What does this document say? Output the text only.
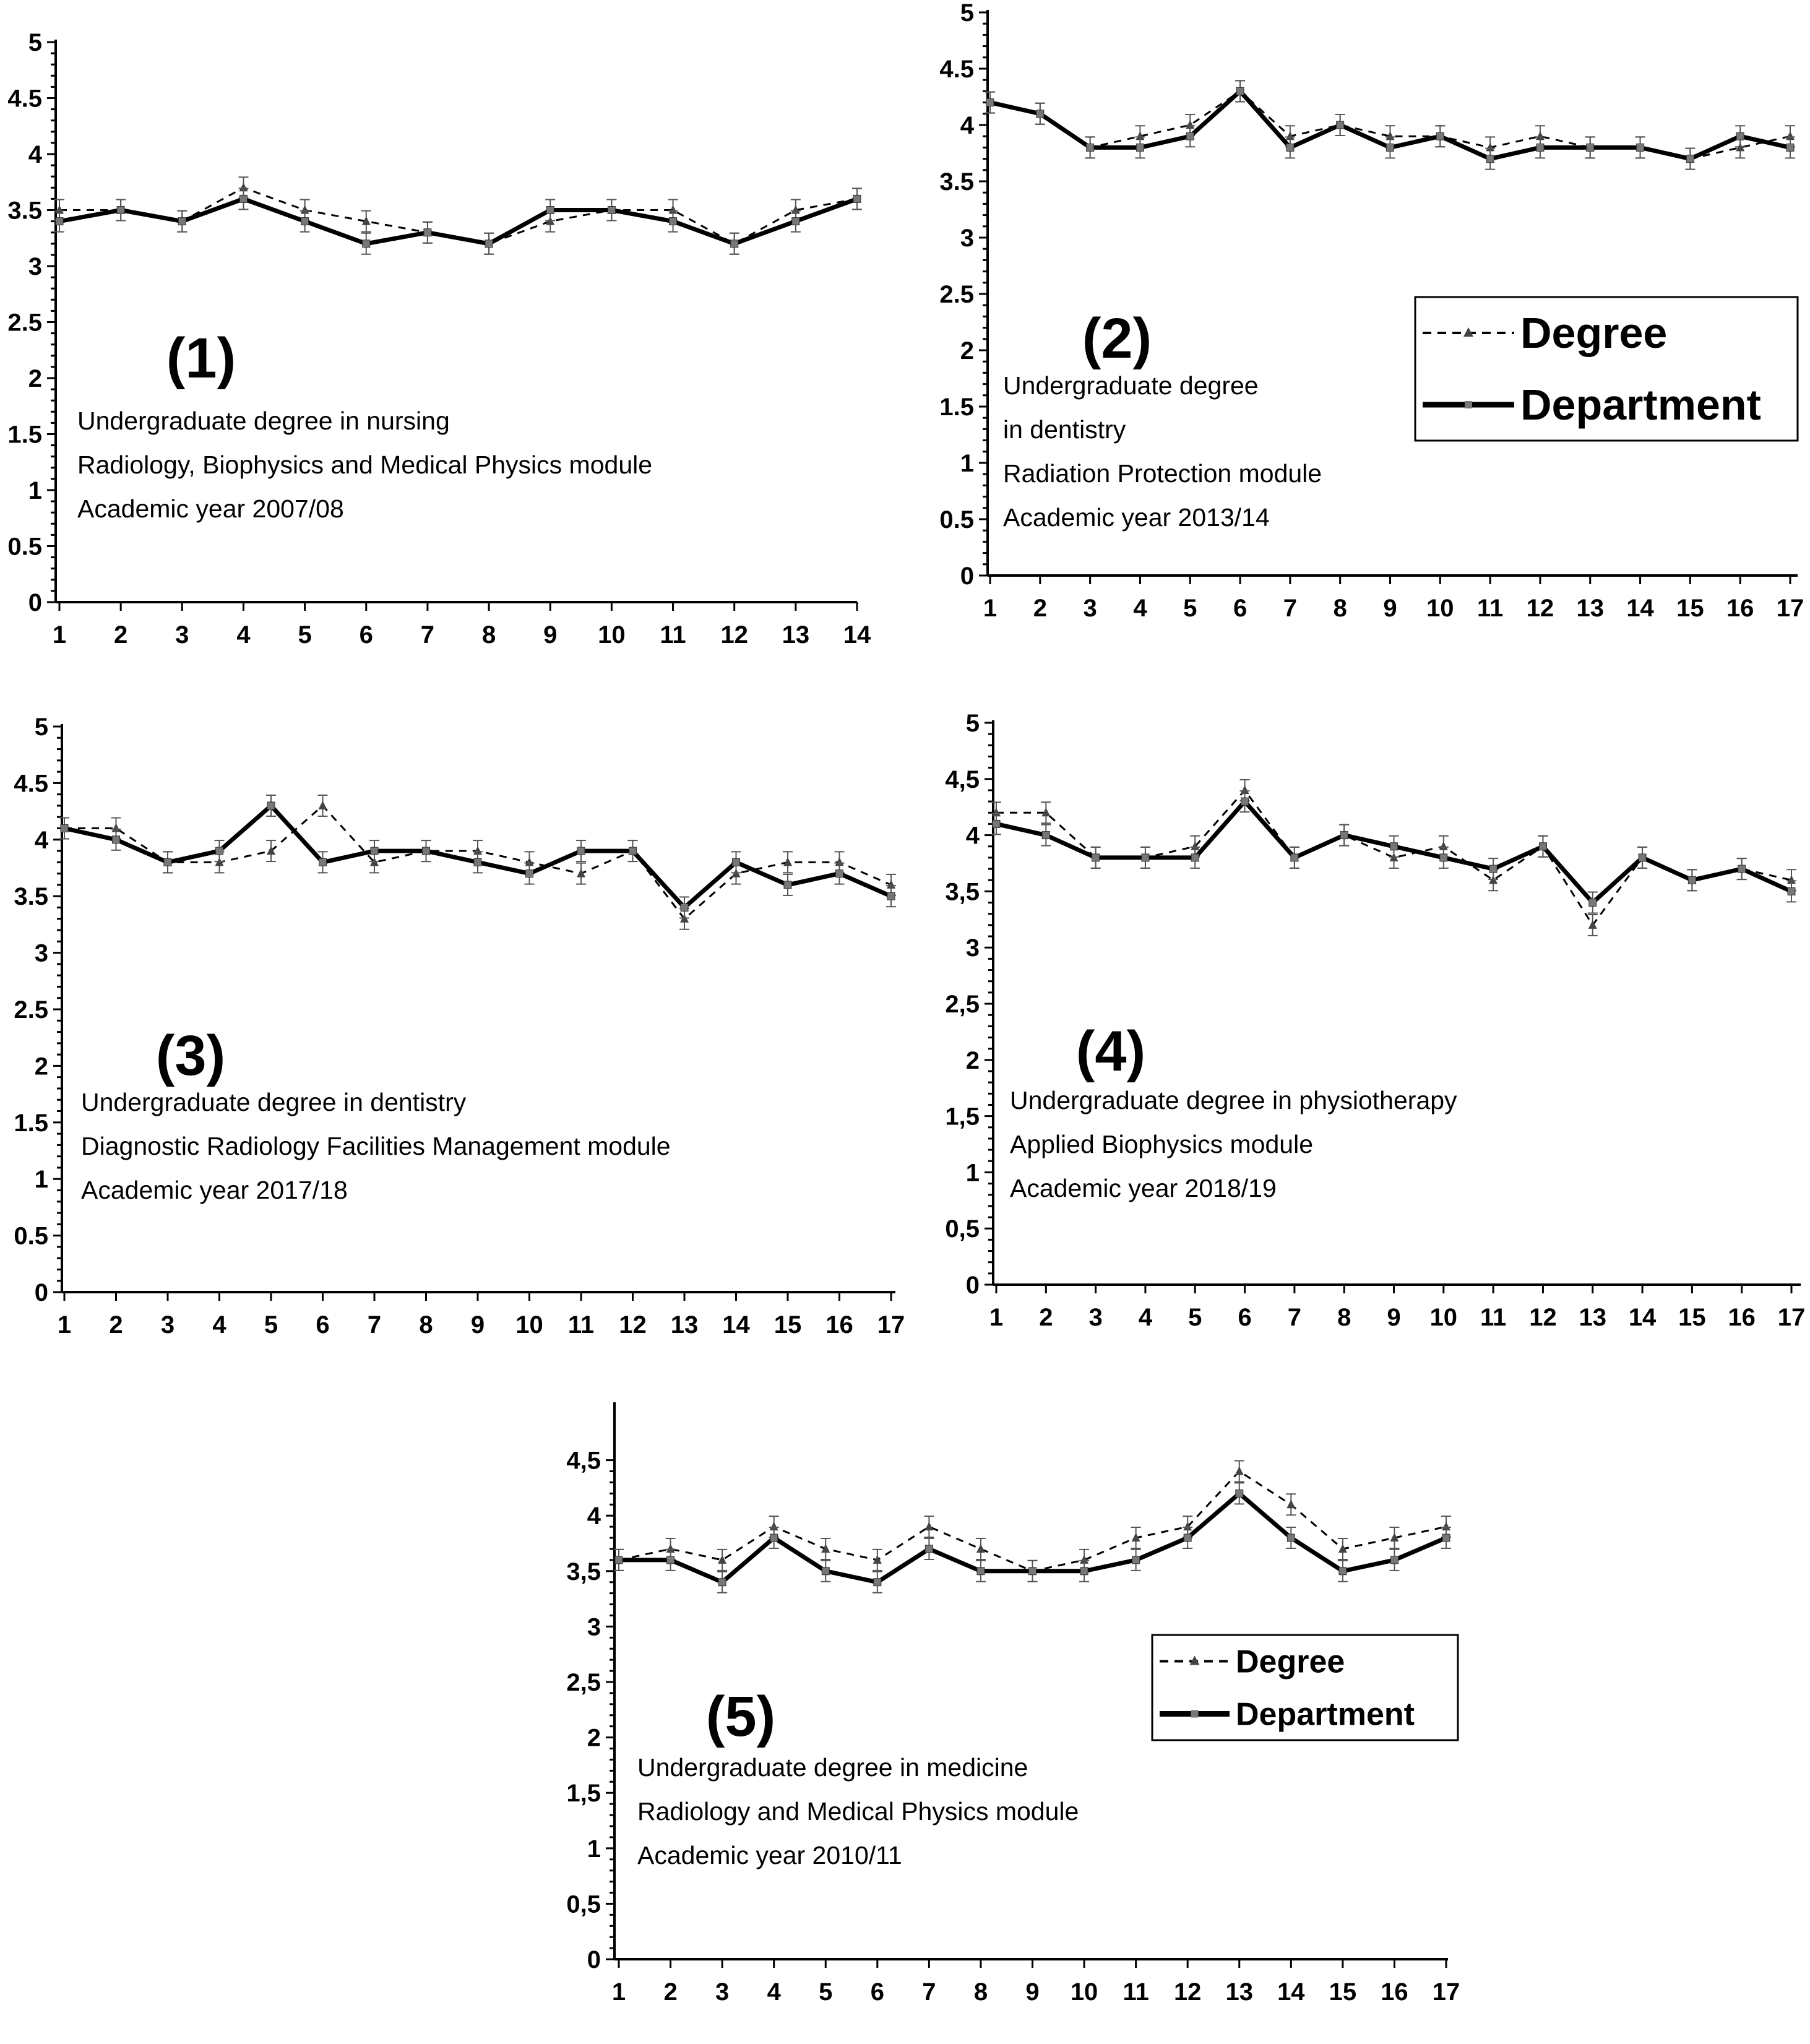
0
0.5
1
1.5
2
2.5
3
3.5
4
4.5
5
1 2 3 4 5 6 7 8 9 10 11 12 13 14
(1)
Undergraduate degree in nursing
Radiology, Biophysics and Medical Physics module
Academic year 2007/08
0
0.5
1
1.5
2
2.5
3
3.5
4
4.5
5
1 2 3 4 5 6 7 8 9 10 11 12 13 14 15 16 17
(2)
Undergraduate degree
in dentistry
Radiation Protection module
Academic year 2013/14
Degree
Department
0
0.5
1
1.5
2
2.5
3
3.5
4
4.5
5
1 2 3 4 5 6 7 8 9 10 11 12 13 14 15 16 17
(3)
Undergraduate degree in dentistry
Diagnostic Radiology Facilities Management module
Academic year 2017/18
0
0,5
1
1,5
2
2,5
3
3,5
4
4,5
5
1 2 3 4 5 6 7 8 9 10 11 12 13 14 15 16 17
(4)
Undergraduate degree in physiotherapy
Applied Biophysics module
Academic year 2018/19
0
0,5
1
1,5
2
2,5
3
3,5
4
4,5
1 2 3 4 5 6 7 8 9 10 11 12 13 14 15 16 17
(5)
Undergraduate degree in medicine
Radiology and Medical Physics module
Academic year 2010/11
Degree
Department
